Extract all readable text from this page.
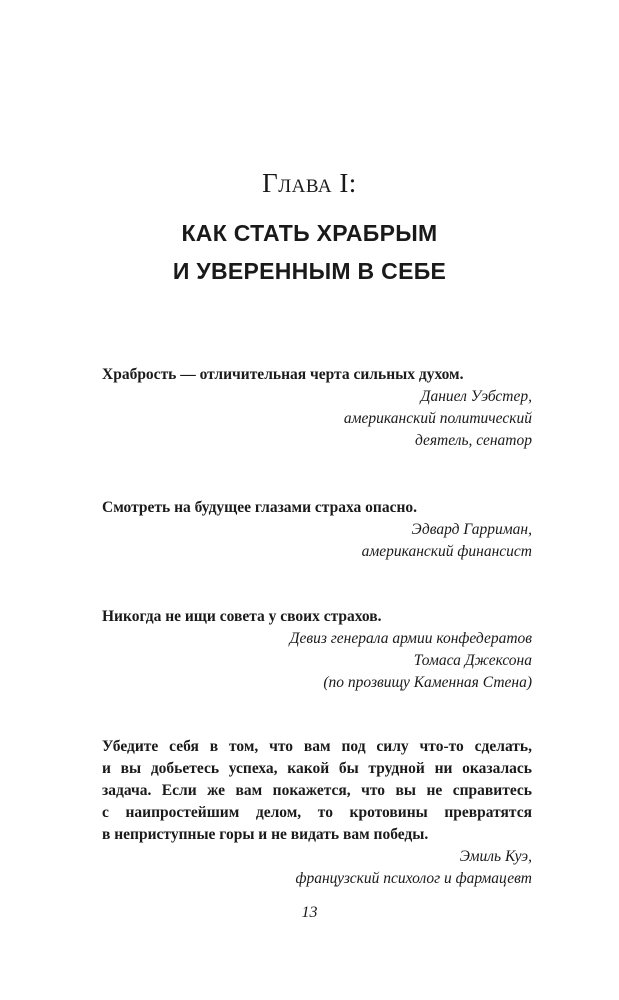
Глава I:
КАК СТАТЬ ХРАБРЫМ
И УВЕРЕННЫМ В СЕБЕ
Храбрость — отличительная черта сильных духом.
Даниел Уэбстер,
американский политический
деятель, сенатор
Смотреть на будущее глазами страха опасно.
Эдвард Гарриман,
американский финансист
Никогда не ищи совета у своих страхов.
Девиз генерала армии конфедератов
Томаса Джексона
(по прозвищу Каменная Стена)
Убедите себя в том, что вам под силу что-то сделать,
и вы добьетесь успеха, какой бы трудной ни оказалась
задача. Если же вам покажется, что вы не справитесь
с наипростейшим делом, то кротовины превратятся
в неприступные горы и не видать вам победы.
Эмиль Куэ,
французский психолог и фармацевт
13
